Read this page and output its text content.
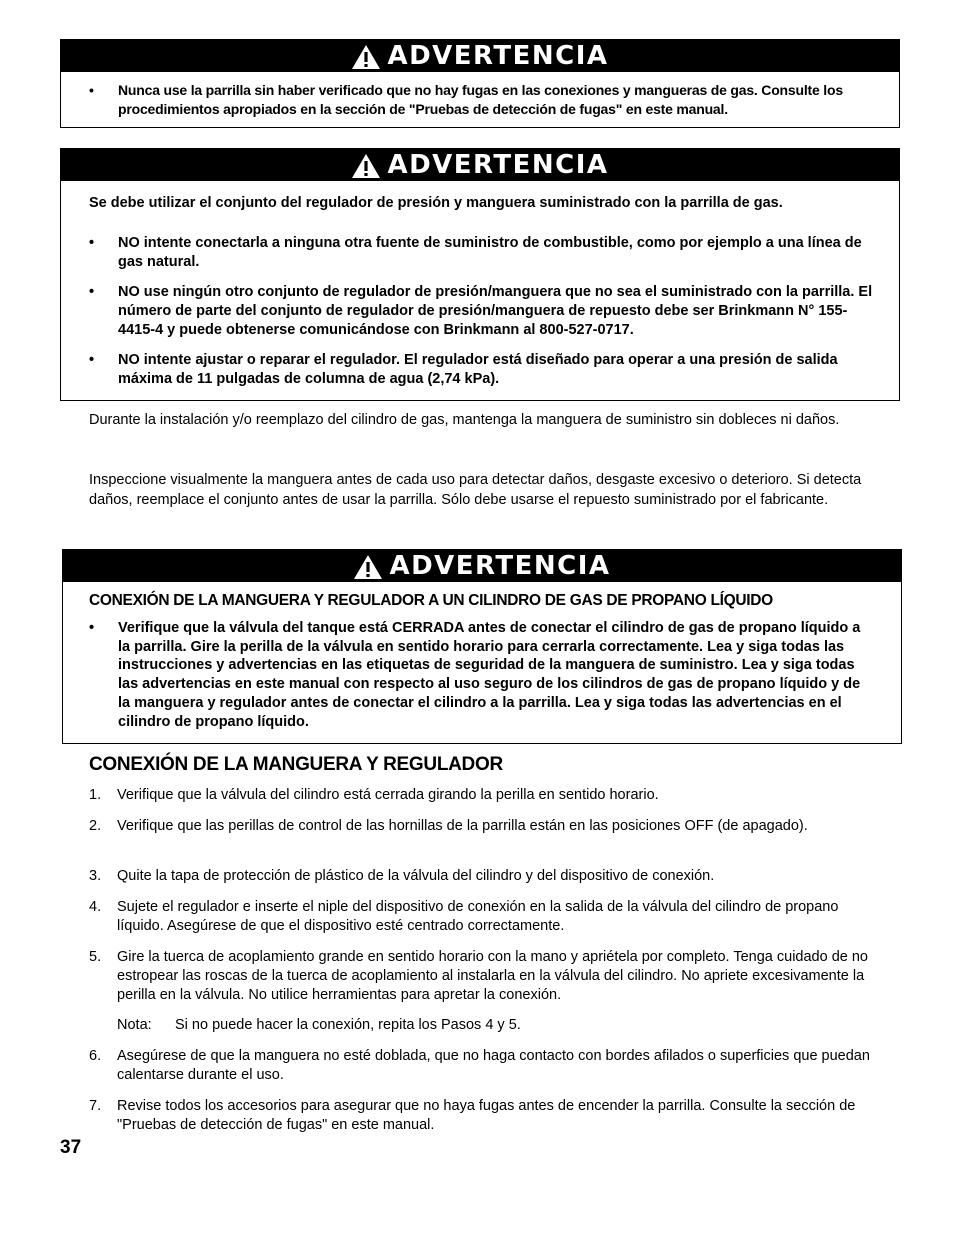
ADVERTENCIA
• Nunca use la parrilla sin haber verificado que no hay fugas en las conexiones y mangueras de gas. Consulte los procedimientos apropiados en la sección de "Pruebas de detección de fugas" en este manual.

ADVERTENCIA

Se debe utilizar el conjunto del regulador de presión y manguera suministrado con la parrilla de gas.

• NO intente conectarla a ninguna otra fuente de suministro de combustible, como por ejemplo a una línea de gas natural.

• NO use ningún otro conjunto de regulador de presión/manguera que no sea el suministrado con la parrilla. El número de parte del conjunto de regulador de presión/manguera de repuesto debe ser Brinkmann N° 155-4415-4 y puede obtenerse comunicándose con Brinkmann al 800-527-0717.

• NO intente ajustar o reparar el regulador. El regulador está diseñado para operar a una presión de salida máxima de 11 pulgadas de columna de agua (2,74 kPa).

Durante la instalación y/o reemplazo del cilindro de gas, mantenga la manguera de suministro sin dobleces ni daños.

Inspeccione visualmente la manguera antes de cada uso para detectar daños, desgaste excesivo o deterioro. Si detecta daños, reemplace el conjunto antes de usar la parrilla. Sólo debe usarse el repuesto suministrado por el fabricante.

ADVERTENCIA

CONEXIÓN DE LA MANGUERA Y REGULADOR A UN CILINDRO DE GAS DE PROPANO LÍQUIDO

• Verifique que la válvula del tanque está CERRADA antes de conectar el cilindro de gas de propano líquido a la parrilla. Gire la perilla de la válvula en sentido horario para cerrarla correctamente. Lea y siga todas las instrucciones y advertencias en las etiquetas de seguridad de la manguera de suministro. Lea y siga todas las advertencias en este manual con respecto al uso seguro de los cilindros de gas de propano líquido y de la manguera y regulador antes de conectar el cilindro a la parrilla. Lea y siga todas las advertencias en el cilindro de propano líquido.

CONEXIÓN DE LA MANGUERA Y REGULADOR
1. Verifique que la válvula del cilindro está cerrada girando la perilla en sentido horario.

2. Verifique que las perillas de control de las hornillas de la parrilla están en las posiciones OFF (de apagado).

3. Quite la tapa de protección de plástico de la válvula del cilindro y del dispositivo de conexión.

4. Sujete el regulador e inserte el niple del dispositivo de conexión en la salida de la válvula del cilindro de propano líquido. Asegúrese de que el dispositivo esté centrado correctamente.

5. Gire la tuerca de acoplamiento grande en sentido horario con la mano y apriétela por completo. Tenga cuidado de no estropear las roscas de la tuerca de acoplamiento al instalarla en la válvula del cilindro. No apriete excesivamente la perilla en la válvula. No utilice herramientas para apretar la conexión.

Nota: Si no puede hacer la conexión, repita los Pasos 4 y 5.
6. Asegúrese de que la manguera no esté doblada, que no haga contacto con bordes afilados o superficies que puedan calentarse durante el uso.

7. Revise todos los accesorios para asegurar que no haya fugas antes de encender la parrilla. Consulte la sección de "Pruebas de detección de fugas" en este manual.

37
